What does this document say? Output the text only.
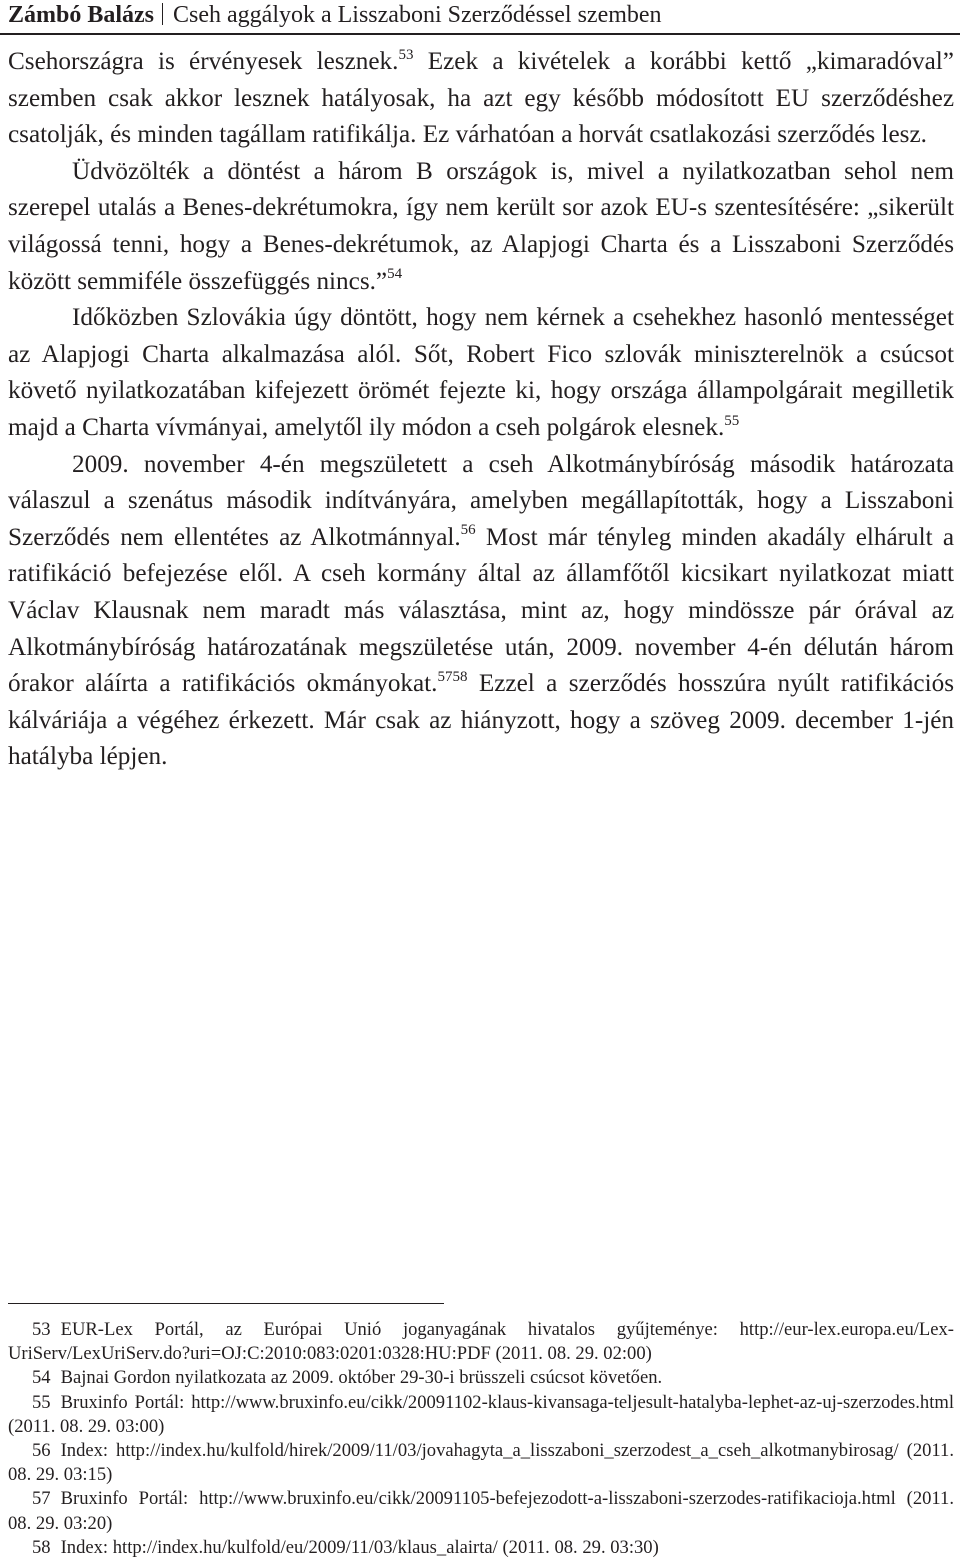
Zámbó Balázs Cseh aggályok a Lisszaboni Szerződéssel szemben

Csehországra is érvényesek lesznek.$^{53}$ Ezek a kivételek a korábbi kettő „kimaradóval” szemben csak akkor lesznek hatályosak, ha azt egy később módosított EU szerződéshez csatolják, és minden tagállam ratifikálja. Ez várhatóan a horvát csatlakozási szerződés lesz.

Üdvözölték a döntést a három B országok is, mivel a nyilatkozatban sehol nem szerepel utalás a Benes-dekrétumokra, így nem került sor azok EU-s szentesítésére: „sikerült világossá tenni, hogy a Benes-dekrétumok, az Alapjogi Charta és a Lisszaboni Szerződés között semmiféle összefüggés nincs.”$^{54}$

Időközben Szlovákia úgy döntött, hogy nem kérnek a csehekhez hasonló mentességet az Alapjogi Charta alkalmazása alól. Sőt, Robert Fico szlovák miniszterelnök a csúcsot követő nyilatkozatában kifejezett örömét fejezte ki, hogy országa állampolgárait megilletik majd a Charta vívmányai, amelytől ily módon a cseh polgárok elesnek.$^{55}$

2009. november 4-én megszületett a cseh Alkotmánybíróság második határozata válaszul a szenátus második indítványára, amelyben megállapították, hogy a Lisszaboni Szerződés nem ellentétes az Alkotmánnyal.$^{56}$ Most már tényleg minden akadály elhárult a ratifikáció befejezése elől. A cseh kormány által az államfőtől kicsikart nyilatkozat miatt Václav Klausnak nem maradt más választása, mint az, hogy mindössze pár órával az Alkotmánybíróság határozatának megszületése után, 2009. november 4-én délután három órakor aláírta a ratifikációs okmányokat.$^{5758}$ Ezzel a szerződés hosszúra nyúlt ratifikációs kálváriája a végéhez érkezett. Már csak az hiányzott, hogy a szöveg 2009. december 1-jén hatályba lépjen.

53 EUR-Lex Portál, az Európai Unió joganyagának hivatalos gyűjteménye: http://eur-lex.europa.eu/Lex-UriServ/LexUriServ.do?uri=OJ:C:2010:083:0201:0328:HU:PDF (2011. 08. 29. 02:00)

54 Bajnai Gordon nyilatkozata az 2009. október 29-30-i brüsszeli csúcsot követően.

55 Bruxinfo Portál: http://www.bruxinfo.eu/cikk/20091102-klaus-kivansaga-teljesult-hatalyba-lephet-az-uj-szerzodes.html (2011. 08. 29. 03:00)

56 Index: http://index.hu/kulfold/hirek/2009/11/03/jovahagyta_a_lisszaboni_szerzodest_a_cseh_alkotmanybirosag/ (2011. 08. 29. 03:15)

57 Bruxinfo Portál: http://www.bruxinfo.eu/cikk/20091105-befejezodott-a-lisszaboni-szerzodes-ratifikacioja.html (2011. 08. 29. 03:20)

58 Index: http://index.hu/kulfold/eu/2009/11/03/klaus_alairta/ (2011. 08. 29. 03:30)
